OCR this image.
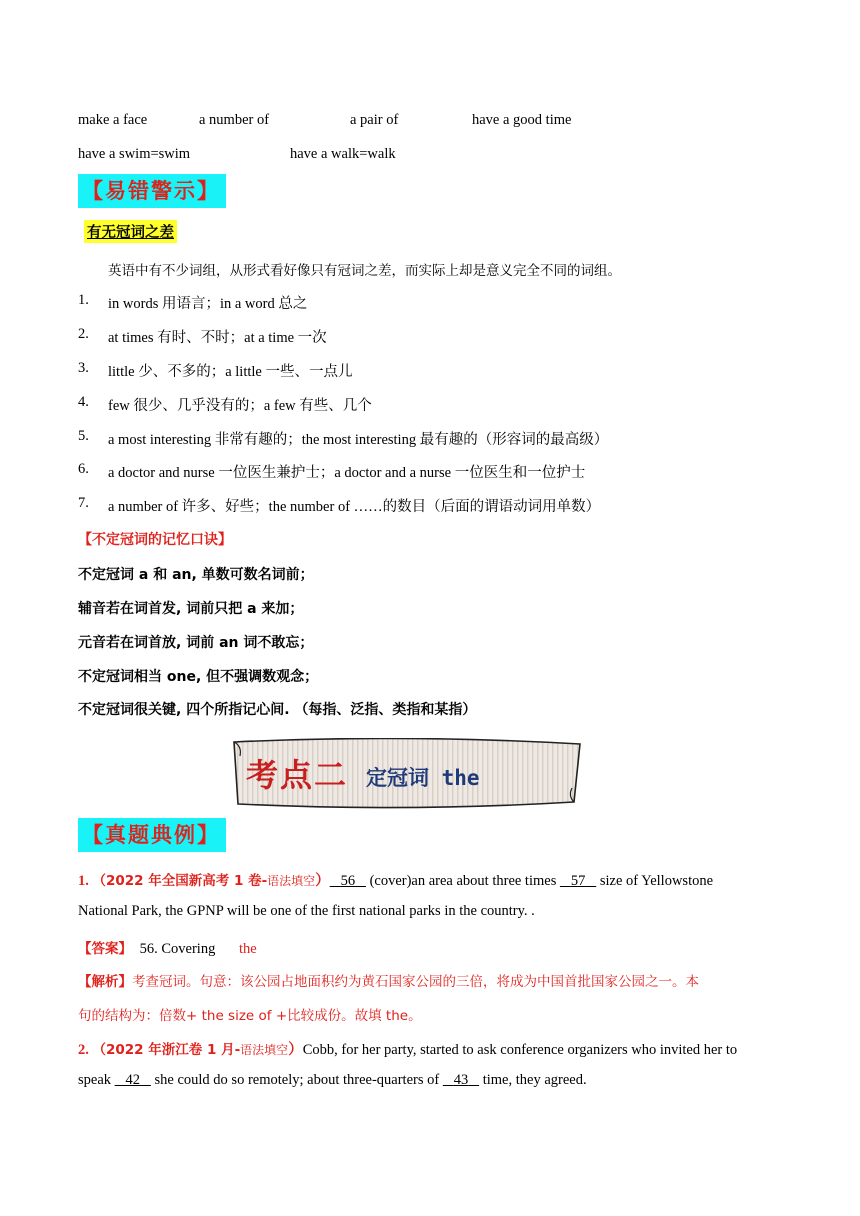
make a face	a number of	a pair of	have a good time
have a swim=swim	have a walk=walk
【易错警示】
有无冠词之差
英语中有不少词组，从形式看好像只有冠词之差，而实际上却是意义完全不同的词组。
1. in words 用语言；in a word 总之
2. at times 有时、不时；at a time 一次
3. little 少、不多的；a little 一些、一点儿
4. few 很少、几乎没有的；a few 有些、几个
5. a most interesting 非常有趣的；the most interesting 最有趣的（形容词的最高级）
6. a doctor and nurse 一位医生兼护士；a doctor and a nurse 一位医生和一位护士
7. a number of 许多、好些；the number of ……的数目（后面的谓语动词用单数）
【不定冠词的记忆口诀】
不定冠词 a 和 an, 单数可数名词前；
辅音若在词首发, 词前只把 a 来加；
元音若在词首放, 词前 an 词不敢忘；
不定冠词相当 one, 但不强调数观念；
不定冠词很关键, 四个所指记心间. （每指、泛指、类指和某指）
考点二 定冠词 the
【真题典例】
1. （2022 年全国新高考 1 卷-语法填空） 56 (cover)an area about three times 57 size of Yellowstone
National Park, the GPNP will be one of the first national parks in the country. .
【答案】 56. Covering the
【解析】考查冠词。句意：该公园占地面积约为黄石国家公园的三倍，将成为中国首批国家公园之一。本
句的结构为：倍数+ the size of +比较成份。故填 the。
2. （2022 年浙江卷 1 月-语法填空）Cobb, for her party, started to ask conference organizers who invited her to
speak 42 she could do so remotely; about three-quarters of 43 time, they agreed.
